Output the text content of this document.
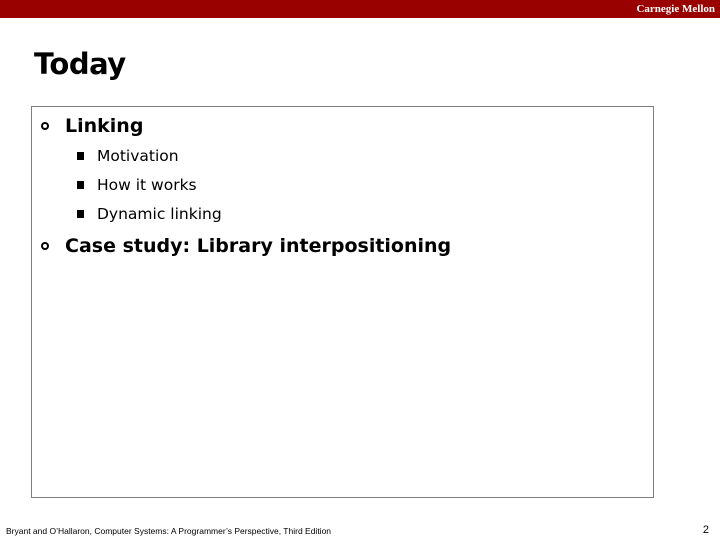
Carnegie Mellon
Today
Linking
Motivation
How it works
Dynamic linking
Case study: Library interpositioning
Bryant and O’Hallaron, Computer Systems: A Programmer’s Perspective, Third Edition	2
